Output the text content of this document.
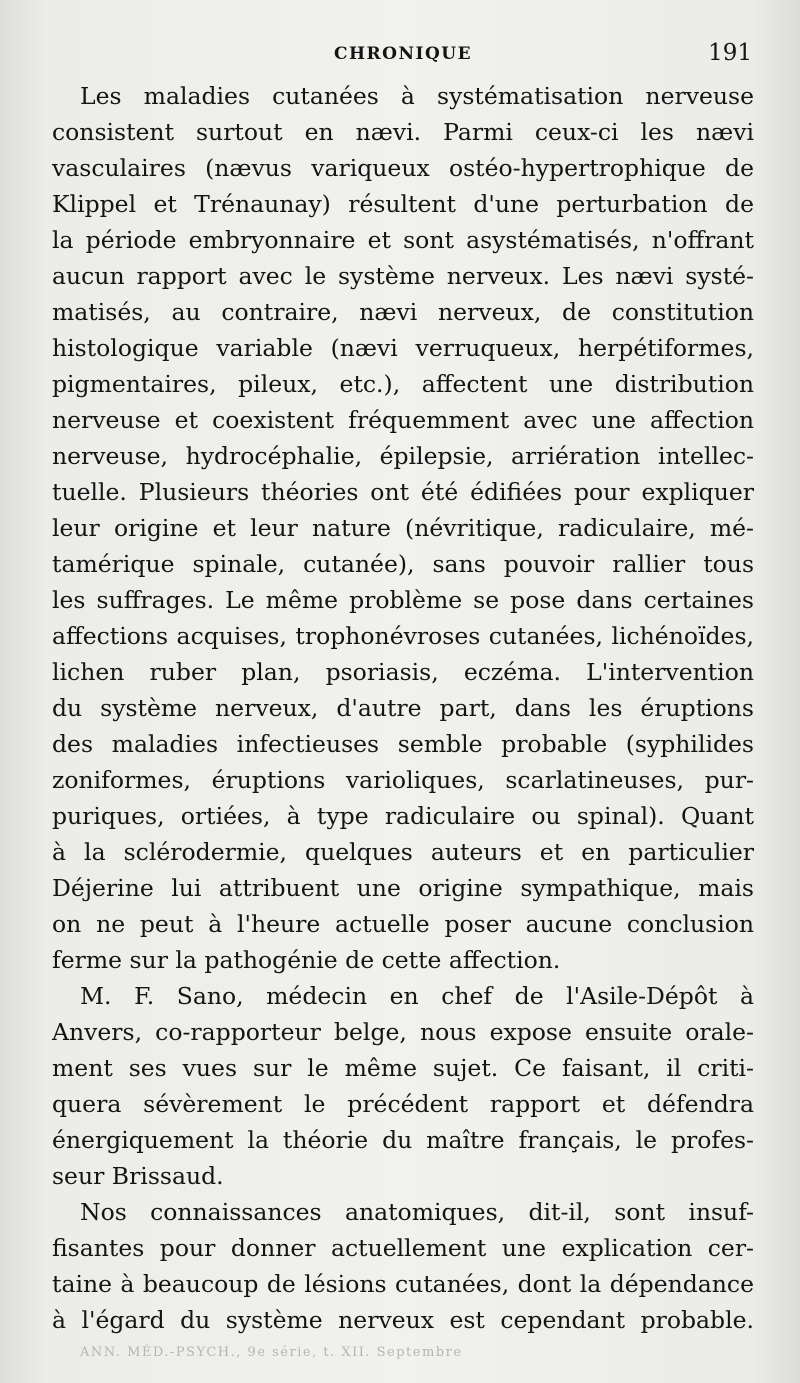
CHRONIQUE	191
Les maladies cutanées à systématisation nerveuse
consistent surtout en nævi. Parmi ceux-ci les nævi
vasculaires (nævus variqueux ostéo-hypertrophique de
Klippel et Trénaunay) résultent d'une perturbation de
la période embryonnaire et sont asystématisés, n'offrant
aucun rapport avec le système nerveux. Les nævi systé-
matisés, au contraire, nævi nerveux, de constitution
histologique variable (nævi verruqueux, herpétiformes,
pigmentaires, pileux, etc.), affectent une distribution
nerveuse et coexistent fréquemment avec une affection
nerveuse, hydrocéphalie, épilepsie, arriération intellec-
tuelle. Plusieurs théories ont été édifiées pour expliquer
leur origine et leur nature (névritique, radiculaire, mé-
tamérique spinale, cutanée), sans pouvoir rallier tous
les suffrages. Le même problème se pose dans certaines
affections acquises, trophonévroses cutanées, lichénoïdes,
lichen ruber plan, psoriasis, eczéma. L'intervention
du système nerveux, d'autre part, dans les éruptions
des maladies infectieuses semble probable (syphilides
zoniformes, éruptions varioliques, scarlatineuses, pur-
puriques, ortiées, à type radiculaire ou spinal). Quant
à la sclérodermie, quelques auteurs et en particulier
Déjerine lui attribuent une origine sympathique, mais
on ne peut à l'heure actuelle poser aucune conclusion
ferme sur la pathogénie de cette affection.
M. F. Sano, médecin en chef de l'Asile-Dépôt à
Anvers, co-rapporteur belge, nous expose ensuite orale-
ment ses vues sur le même sujet. Ce faisant, il criti-
quera sévèrement le précédent rapport et défendra
énergiquement la théorie du maître français, le profes-
seur Brissaud.
Nos connaissances anatomiques, dit-il, sont insuf-
fisantes pour donner actuellement une explication cer-
taine à beaucoup de lésions cutanées, dont la dépendance
à l'égard du système nerveux est cependant probable.
ANN. MÉD.-PSYCH., 9e série, t. XII. Septembre
